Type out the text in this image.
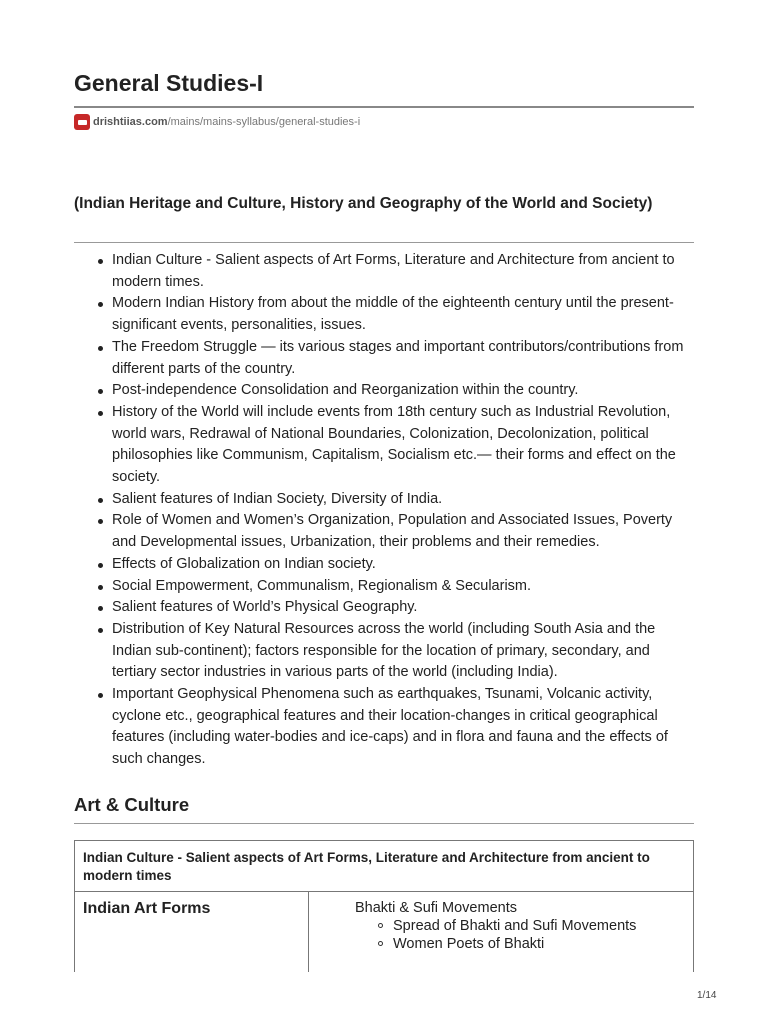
General Studies-I
drishtiias.com /mains/mains-syllabus/general-studies-i
(Indian Heritage and Culture, History and Geography of the World and Society)
Indian Culture - Salient aspects of Art Forms, Literature and Architecture from ancient to modern times.
Modern Indian History from about the middle of the eighteenth century until the present- significant events, personalities, issues.
The Freedom Struggle — its various stages and important contributors/contributions from different parts of the country.
Post-independence Consolidation and Reorganization within the country.
History of the World will include events from 18th century such as Industrial Revolution, world wars, Redrawal of National Boundaries, Colonization, Decolonization, political philosophies like Communism, Capitalism, Socialism etc.— their forms and effect on the society.
Salient features of Indian Society, Diversity of India.
Role of Women and Women’s Organization, Population and Associated Issues, Poverty and Developmental issues, Urbanization, their problems and their remedies.
Effects of Globalization on Indian society.
Social Empowerment, Communalism, Regionalism & Secularism.
Salient features of World’s Physical Geography.
Distribution of Key Natural Resources across the world (including South Asia and the Indian sub-continent); factors responsible for the location of primary, secondary, and tertiary sector industries in various parts of the world (including India).
Important Geophysical Phenomena such as earthquakes, Tsunami, Volcanic activity, cyclone etc., geographical features and their location-changes in critical geographical features (including water-bodies and ice-caps) and in flora and fauna and the effects of such changes.
Art & Culture
Indian Culture - Salient aspects of Art Forms, Literature and Architecture from ancient to modern times
Indian Art Forms	Bhakti & Sufi Movements
Spread of Bhakti and Sufi Movements
Women Poets of Bhakti
1/14
